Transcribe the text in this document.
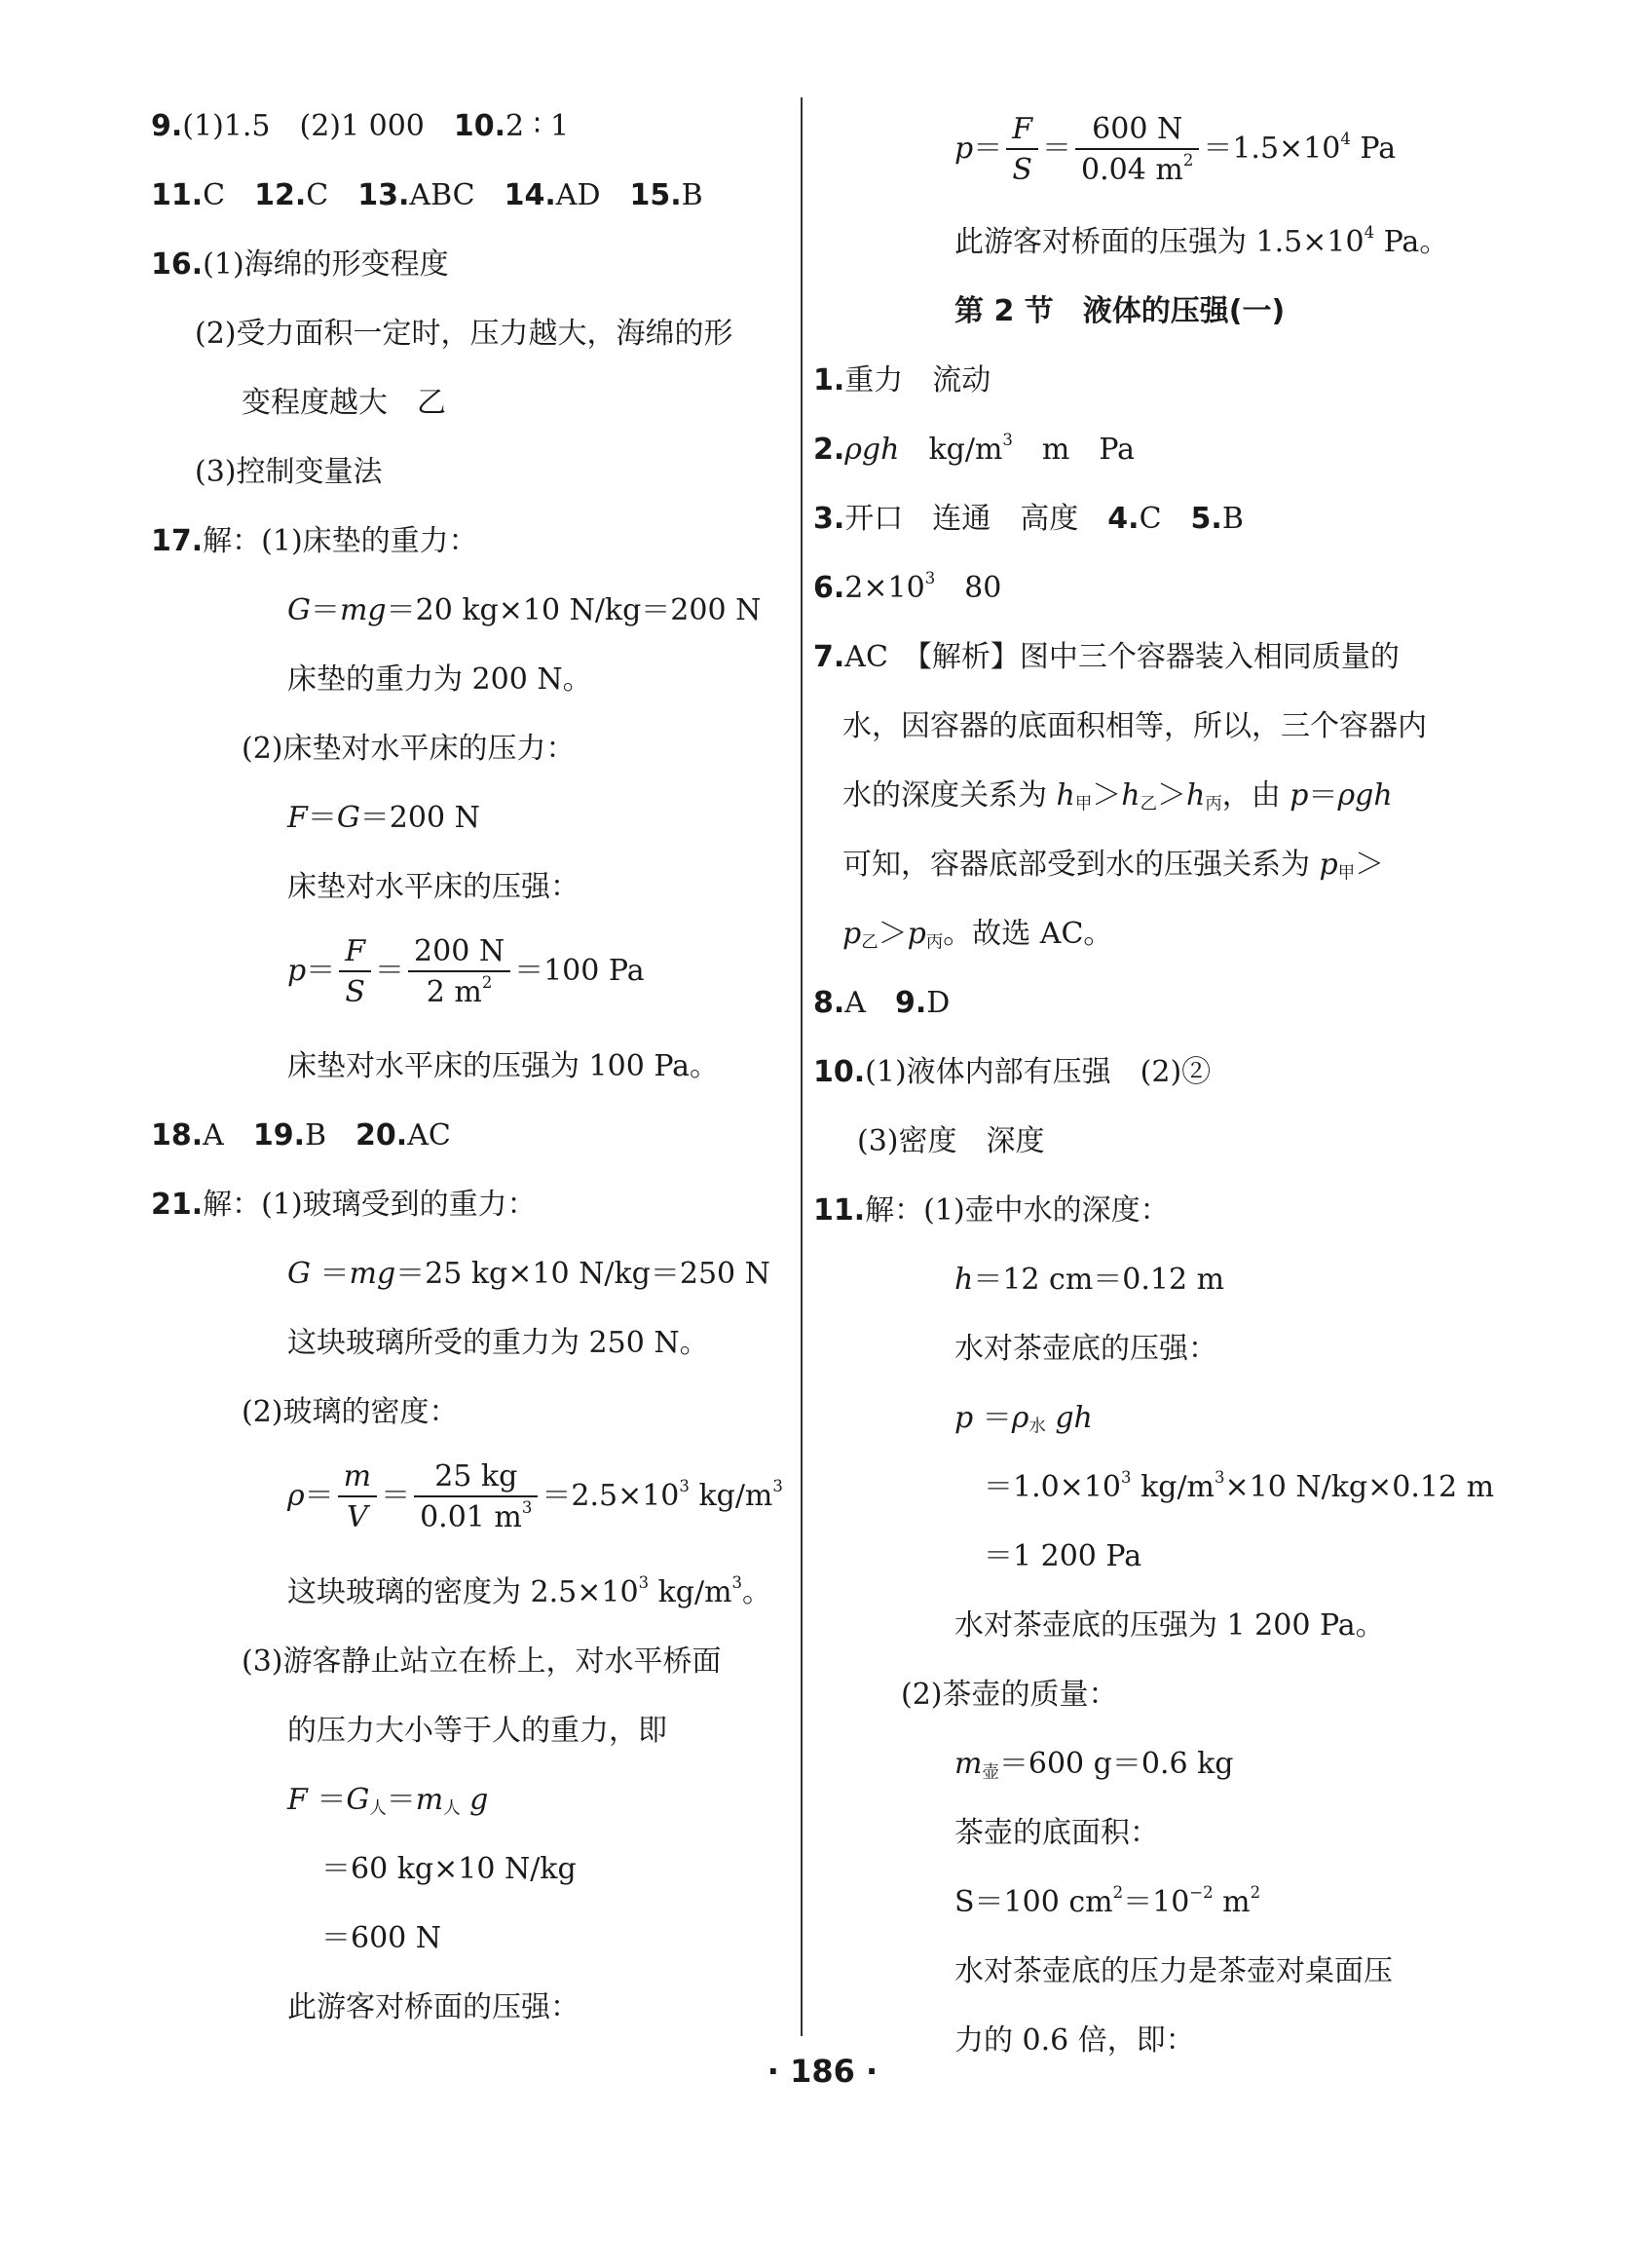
9.(1)1.5　(2)1 000　10.2 ∶ 1
11.C　12.C　13.ABC　14.AD　15.B
16.(1)海绵的形变程度
(2)受力面积一定时，压力越大，海绵的形
变程度越大　乙
(3)控制变量法
17.解：(1)床垫的重力：
G＝mg＝20 kg×10 N/kg＝200 N
床垫的重力为 200 N。
(2)床垫对水平床的压力：
F＝G＝200 N
床垫对水平床的压强：
$p= \frac{F}{S} = \frac{200 N}{2 m^2} =100$ Pa
床垫对水平床的压强为 100 Pa。
18.A　19.B　20.AC
21.解：(1)玻璃受到的重力：
G ＝mg＝25 kg×10 N/kg＝250 N
这块玻璃所受的重力为 250 N。
(2)玻璃的密度：
$\rho= \frac{m}{V} = \frac{25 kg}{0.01 m^3} =2.5\times 10^3$ $kg/m^3$
这块玻璃的密度为 $2.5\times 10^3$ $kg/m^3$。
(3)游客静止站立在桥上，对水平桥面
的压力大小等于人的重力，即
$F =G_人=m_人$ g
＝60 kg×10 N/kg
＝600 N
此游客对桥面的压强：
$p= \frac{F}{S} = \frac{600 N}{0.04 m^2} =1.5\times 10^4$ Pa
此游客对桥面的压强为 $1.5\times 10^4$ Pa。
第 2 节　液体的压强(一)
1.重力　流动
2.ρgh　$kg/m^3$　m　Pa
3.开口　连通　高度　4.C　5.B
$6.2\times 10^3$　80
7.AC　【解析】图中三个容器装入相同质量的
水，因容器的底面积相等，所以，三个容器内
水的深度关系为 $h_甲>h_乙>h_丙$，由 p＝ρgh
可知，容器底部受到水的压强关系为 $p_甲>$
$p_乙>p_丙$。故选 AC。
8.A　9.D
10.(1)液体内部有压强　(2)②
(3)密度　深度
11.解：(1)壶中水的深度：
h＝12 cm＝0.12 m
水对茶壶底的压强：
$p =\rho_水$ gh
$=1.0\times 10^3$ $kg/m^3\times 10$ N/kg×0.12 m
＝1 200 Pa
水对茶壶底的压强为 1 200 Pa。
(2)茶壶的质量：
$m_壶=600$ g＝0.6 kg
茶壶的底面积：
S＝100 $cm^2=10^{-2}$ $m^2$
水对茶壶底的压力是茶壶对桌面压
力的 0.6 倍，即：
· 186 ·
